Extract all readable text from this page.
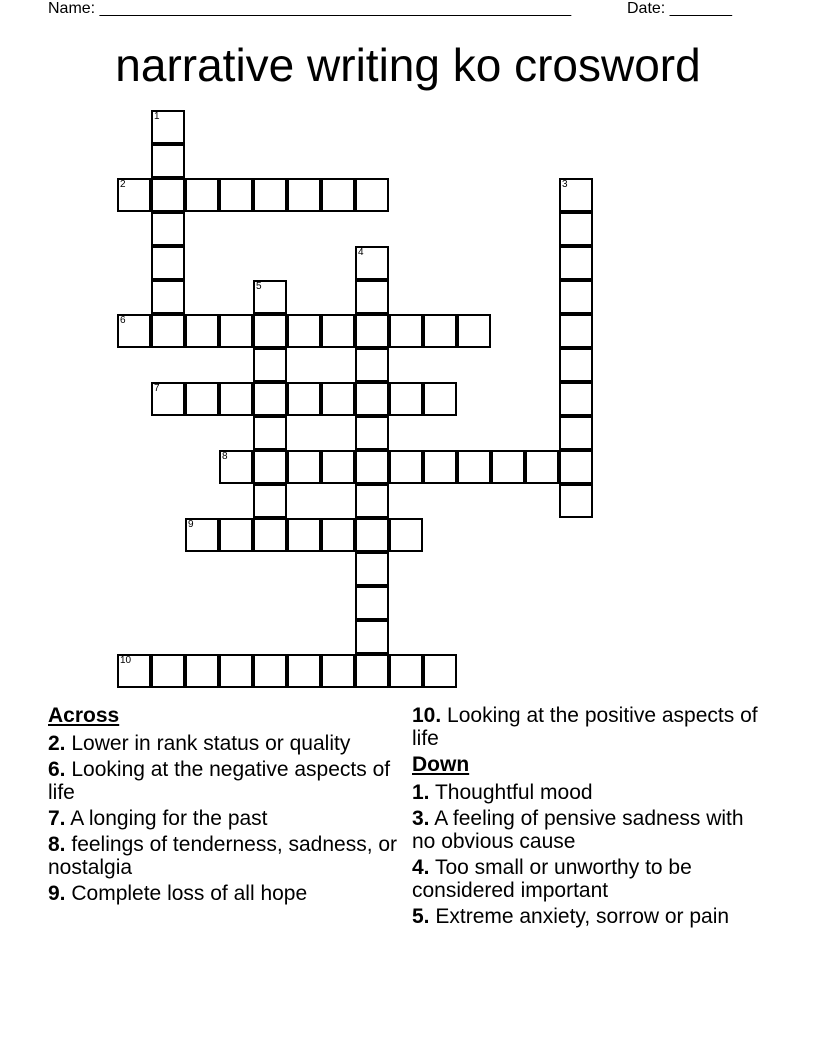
Name: _____________________________________________________	Date: _______
narrative writing ko crosword
2
6
7
8
9
10
1
3
4
5
Across
2. Lower in rank status or quality
6. Looking at the negative aspects of life
7. A longing for the past
8. feelings of tenderness, sadness, or nostalgia
9. Complete loss of all hope
10. Looking at the positive aspects of life
Down
1. Thoughtful mood
3. A feeling of pensive sadness with no obvious cause
4. Too small or unworthy to be considered important
5. Extreme anxiety, sorrow or pain
